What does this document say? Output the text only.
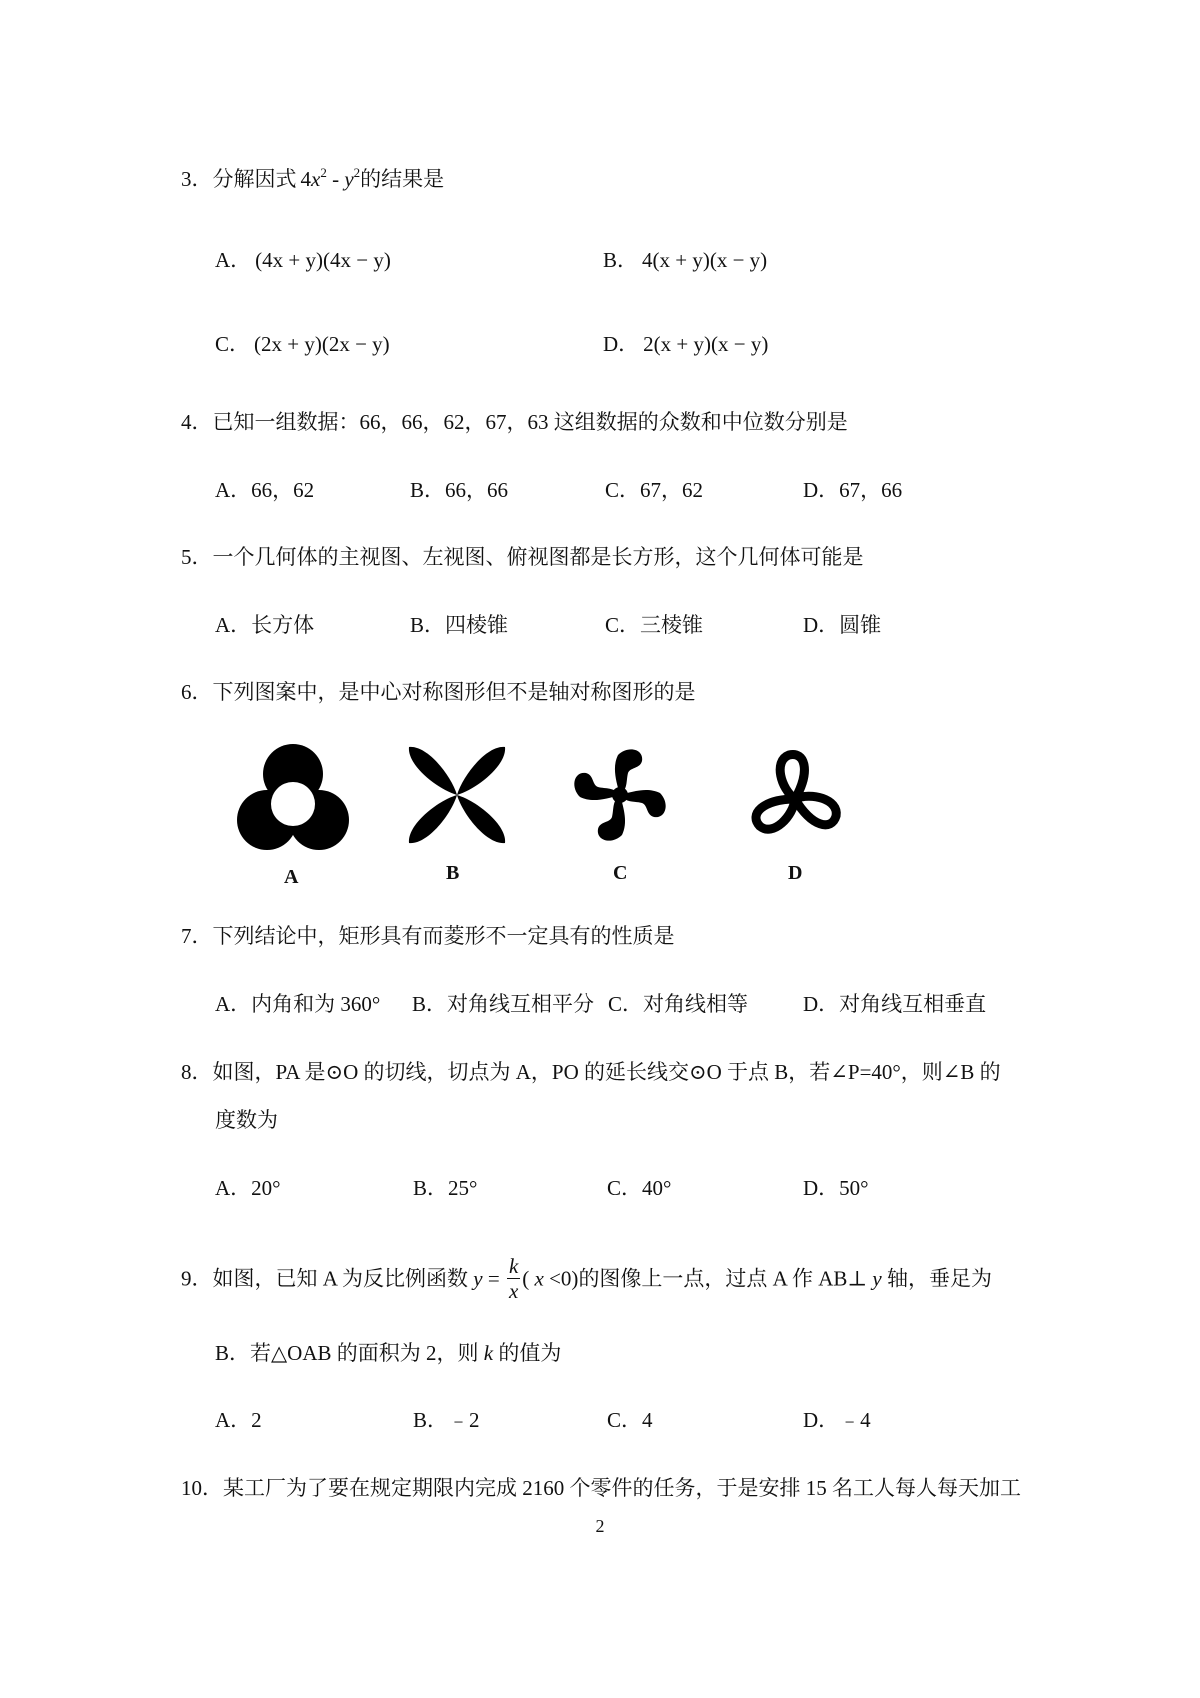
3．分解因式 $4x^2 - y^2$的结果是
A． (4x + y)(4x − y)	B． 4(x + y)(x − y)
C． (2x + y)(2x − y)	D． 2(x + y)(x − y)
4．已知一组数据：66，66，62，67，63 这组数据的众数和中位数分别是
A．66，62	B．66，66	C．67，62	D．67，66
5．一个几何体的主视图、左视图、俯视图都是长方形，这个几何体可能是
A．长方体	B．四棱锥	C．三棱锥	D．圆锥
6．下列图案中，是中心对称图形但不是轴对称图形的是
A	B	C	D
7．下列结论中，矩形具有而菱形不一定具有的性质是
A．内角和为 360° B．对角线互相平分 C．对角线相等	D．对角线互相垂直
8．如图，PA 是⊙O 的切线，切点为 A，PO 的延长线交⊙O 于点 B，若∠P=40°，则∠B 的
度数为
A．20°	B．25°	C．40°	D．50°
9．如图，已知 A 为反比例函数 $y = \frac{k}{x}$ ( x <0)的图像上一点，过点 A 作 AB⊥ y 轴，垂足为
B．若△OAB 的面积为 2，则 k 的值为
A．2	B．﹣2	C．4	D．﹣4
10．某工厂为了要在规定期限内完成 2160 个零件的任务，于是安排 15 名工人每人每天加工
2
